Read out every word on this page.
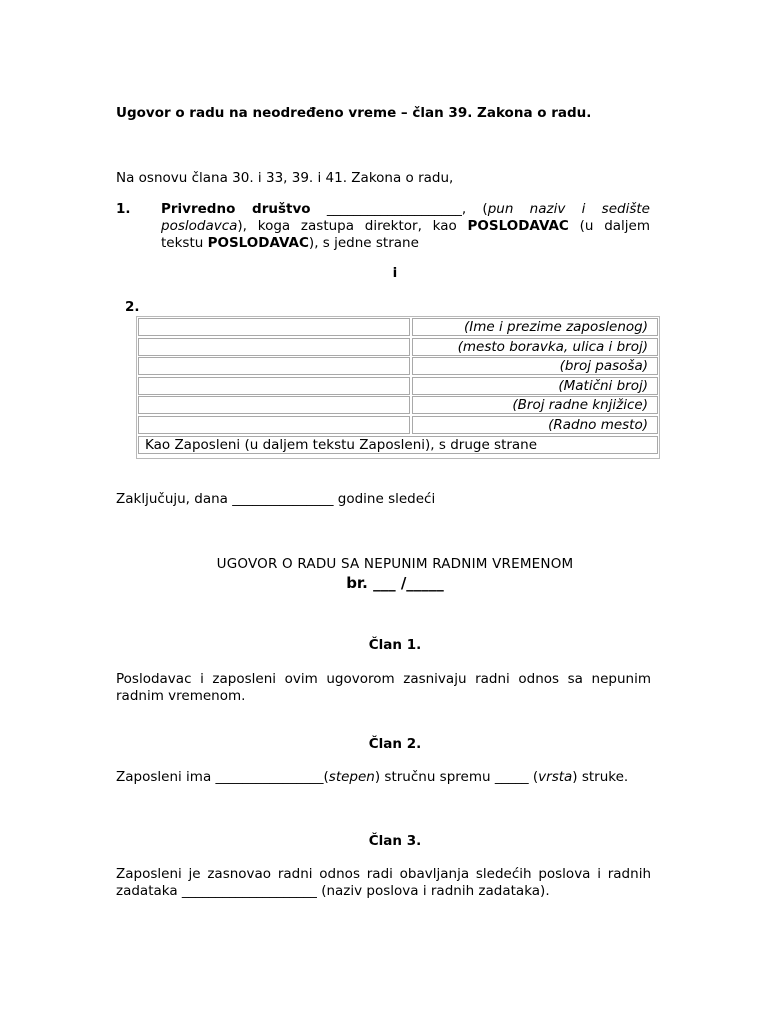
Ugovor o radu na neodređeno vreme – član 39. Zakona o radu.
Na osnovu člana 30. i 33, 39. i 41. Zakona o radu,
1. Privredno društvo ____________________, (pun naziv i sedište poslodavca), koga zastupa direktor, kao POSLODAVAC (u daljem tekstu POSLODAVAC), s jedne strane
i
2.
(Ime i prezime zaposlenog)
(mesto boravka, ulica i broj)
(broj pasoša)
(Matični broj)
(Broj radne knjižice)
(Radno mesto)
Kao Zaposleni (u daljem tekstu Zaposleni), s druge strane
Zaključuju, dana _______________ godine sledeći
UGOVOR O RADU SA NEPUNIM RADNIM VREMENOM
br. ___ /_____
Član 1.
Poslodavac i zaposleni ovim ugovorom zasnivaju radni odnos sa nepunim radnim vremenom.
Član 2.
Zaposleni ima ________________(stepen) stručnu spremu _____ (vrsta) struke.
Član 3.
Zaposleni je zasnovao radni odnos radi obavljanja sledećih poslova i radnih zadataka ____________________ (naziv poslova i radnih zadataka).
